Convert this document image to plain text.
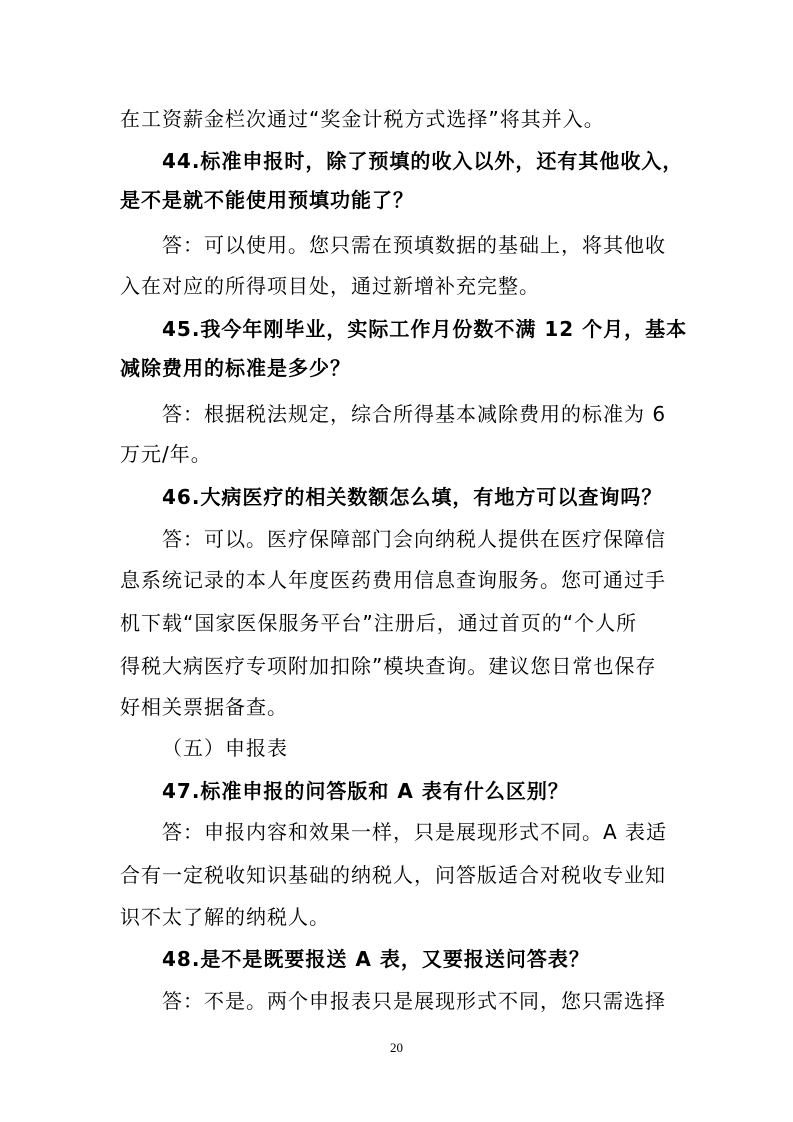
在工资薪金栏次通过“奖金计税方式选择”将其并入。

44.标准申报时，除了预填的收入以外，还有其他收入，

是不是就不能使用预填功能了？

答：可以使用。您只需在预填数据的基础上，将其他收

入在对应的所得项目处，通过新增补充完整。

45.我今年刚毕业，实际工作月份数不满 12 个月，基本

减除费用的标准是多少？

答：根据税法规定，综合所得基本减除费用的标准为 6

万元/年。

46.大病医疗的相关数额怎么填，有地方可以查询吗？

答：可以。医疗保障部门会向纳税人提供在医疗保障信

息系统记录的本人年度医药费用信息查询服务。您可通过手

机下载“国家医保服务平台”注册后，通过首页的“个人所

得税大病医疗专项附加扣除”模块查询。建议您日常也保存

好相关票据备查。

（五）申报表

47.标准申报的问答版和 A 表有什么区别？

答：申报内容和效果一样，只是展现形式不同。A 表适

合有一定税收知识基础的纳税人，问答版适合对税收专业知

识不太了解的纳税人。

48.是不是既要报送 A 表，又要报送问答表？

答：不是。两个申报表只是展现形式不同，您只需选择

20
